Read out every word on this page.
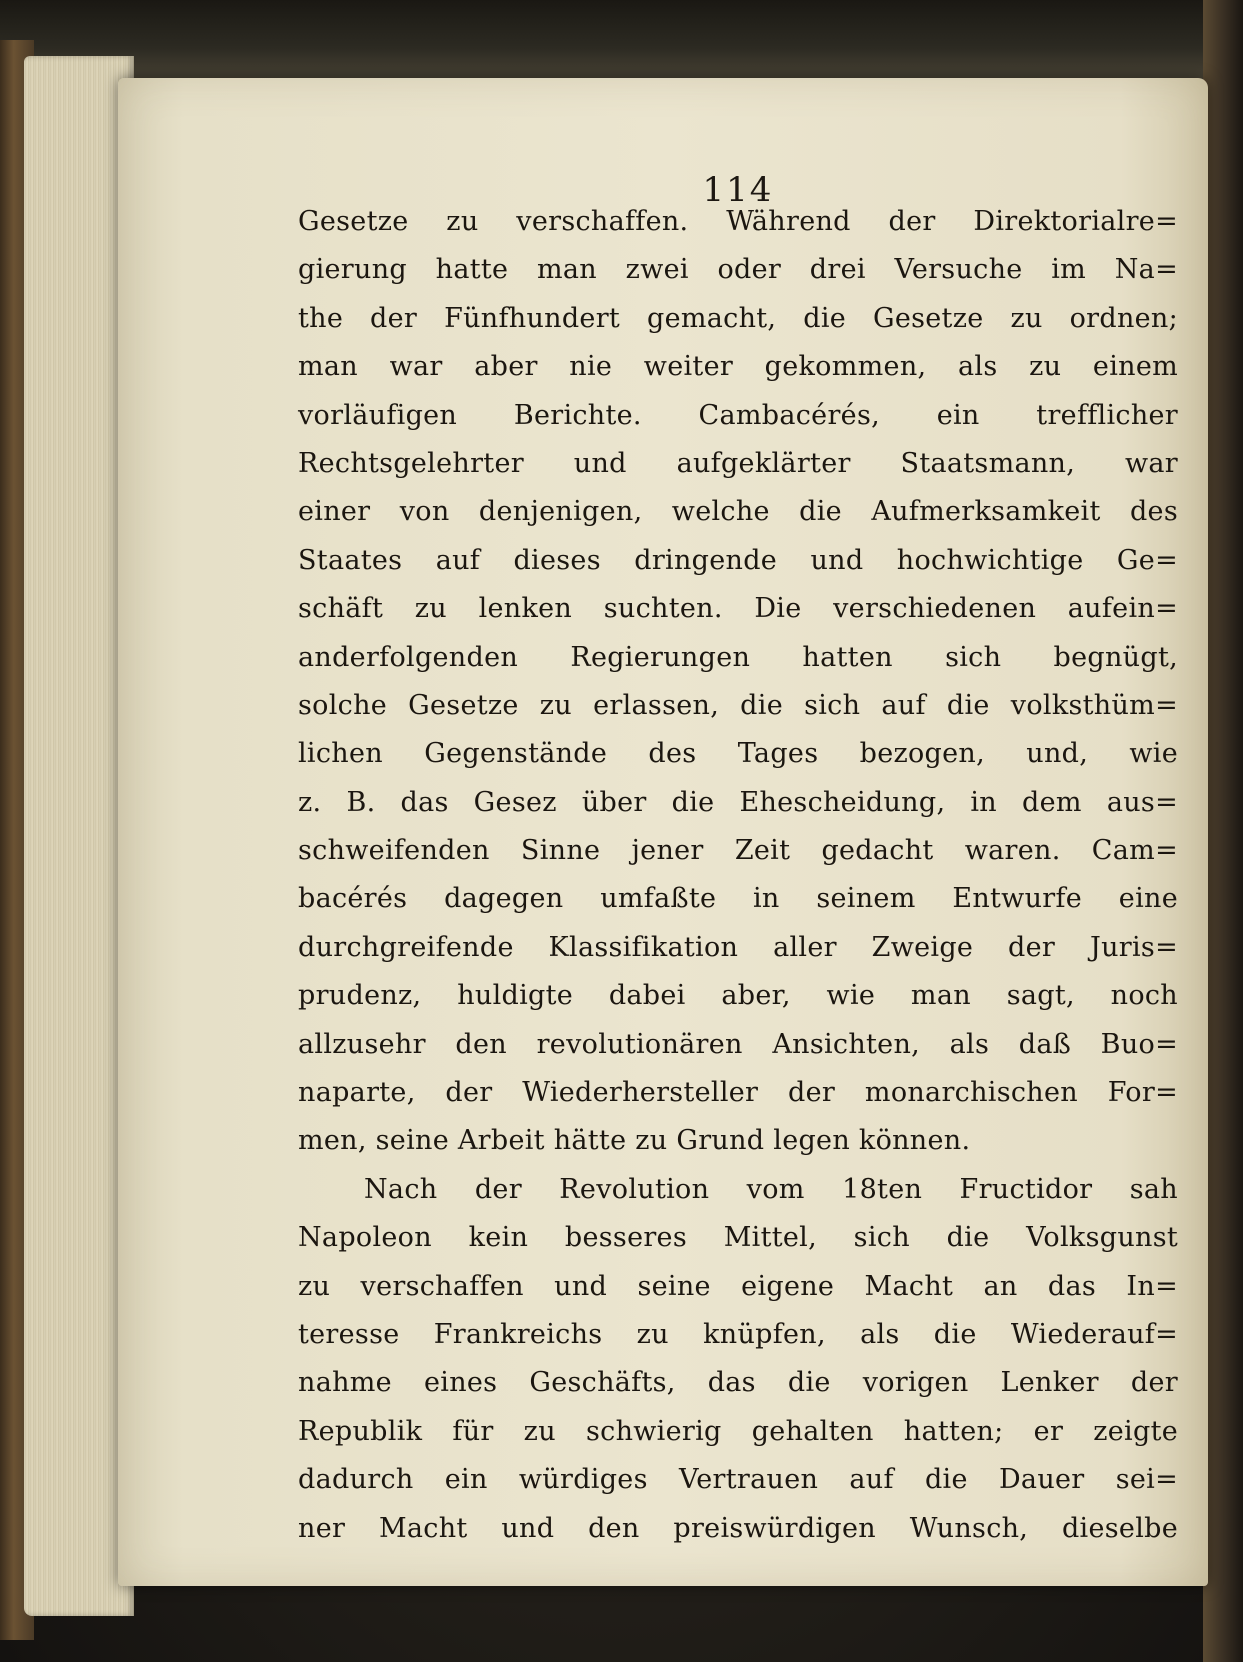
114
Gesetze zu verschaffen. Während der Direktorialre=
gierung hatte man zwei oder drei Versuche im Na=
the der Fünfhundert gemacht, die Gesetze zu ordnen;
man war aber nie weiter gekommen, als zu einem
vorläufigen Berichte. Cambacérés, ein trefflicher
Rechtsgelehrter und aufgeklärter Staatsmann, war
einer von denjenigen, welche die Aufmerksamkeit des
Staates auf dieses dringende und hochwichtige Ge=
schäft zu lenken suchten. Die verschiedenen aufein=
anderfolgenden Regierungen hatten sich begnügt,
solche Gesetze zu erlassen, die sich auf die volksthüm=
lichen Gegenstände des Tages bezogen, und, wie
z. B. das Gesez über die Ehescheidung, in dem aus=
schweifenden Sinne jener Zeit gedacht waren. Cam=
bacérés dagegen umfaßte in seinem Entwurfe eine
durchgreifende Klassifikation aller Zweige der Juris=
prudenz, huldigte dabei aber, wie man sagt, noch
allzusehr den revolutionären Ansichten, als daß Buo=
naparte, der Wiederhersteller der monarchischen For=
men, seine Arbeit hätte zu Grund legen können.
Nach der Revolution vom 18ten Fructidor sah
Napoleon kein besseres Mittel, sich die Volksgunst
zu verschaffen und seine eigene Macht an das In=
teresse Frankreichs zu knüpfen, als die Wiederauf=
nahme eines Geschäfts, das die vorigen Lenker der
Republik für zu schwierig gehalten hatten; er zeigte
dadurch ein würdiges Vertrauen auf die Dauer sei=
ner Macht und den preiswürdigen Wunsch, dieselbe
